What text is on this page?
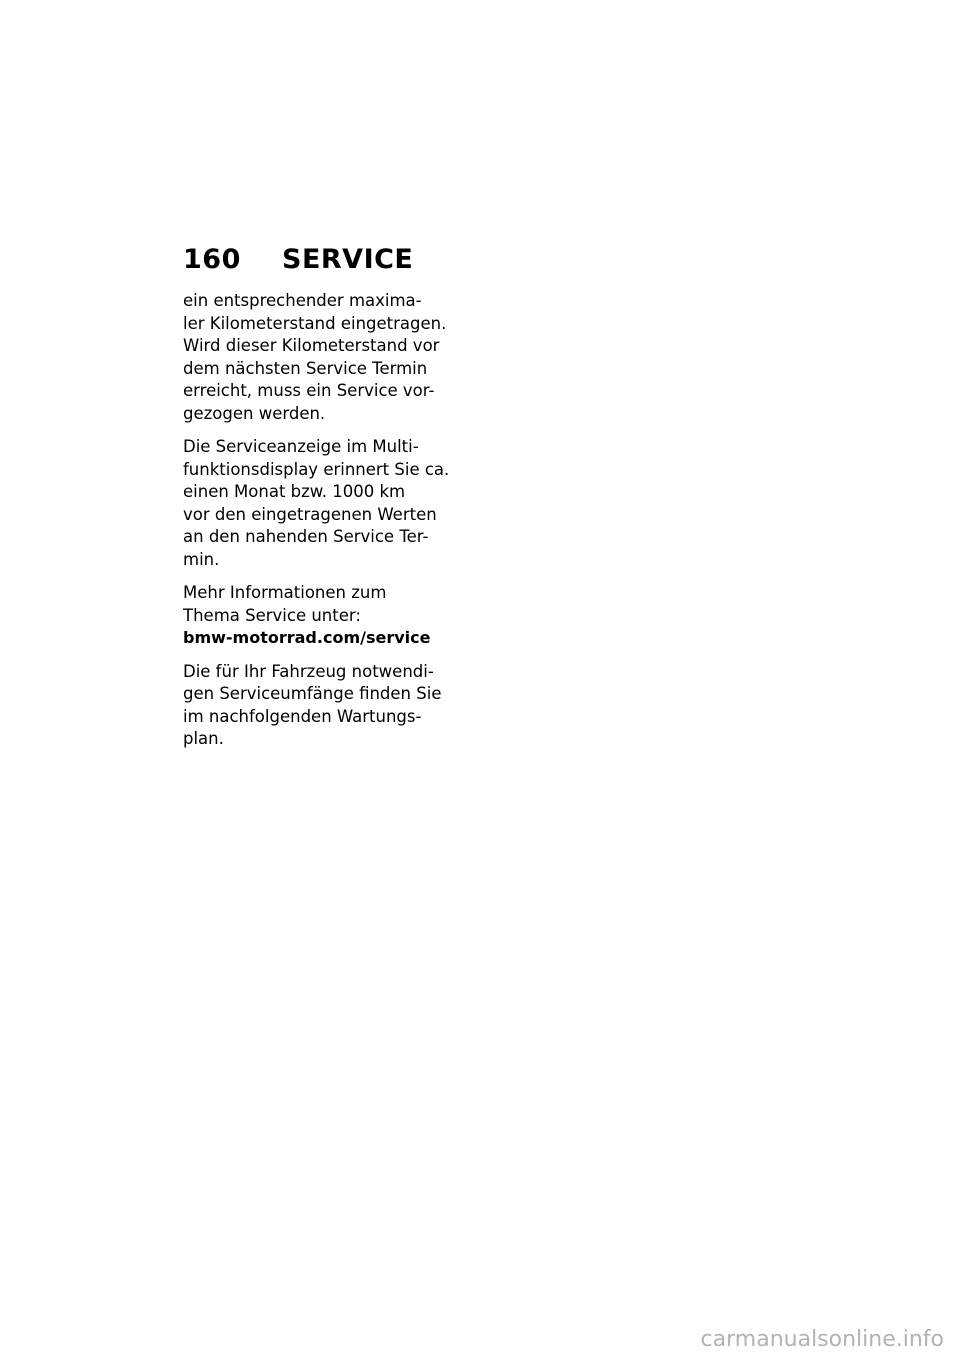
160 SERVICE
ein entsprechender maxima-
ler Kilometerstand eingetragen.
Wird dieser Kilometerstand vor
dem nächsten Service Termin
erreicht, muss ein Service vor-
gezogen werden.
Die Serviceanzeige im Multi-
funktionsdisplay erinnert Sie ca.
einen Monat bzw. 1000 km
vor den eingetragenen Werten
an den nahenden Service Ter-
min.
Mehr Informationen zum
Thema Service unter:
bmw-motorrad.com/service
Die für Ihr Fahrzeug notwendi-
gen Serviceumfänge finden Sie
im nachfolgenden Wartungs-
plan.
carmanualsonline.info
